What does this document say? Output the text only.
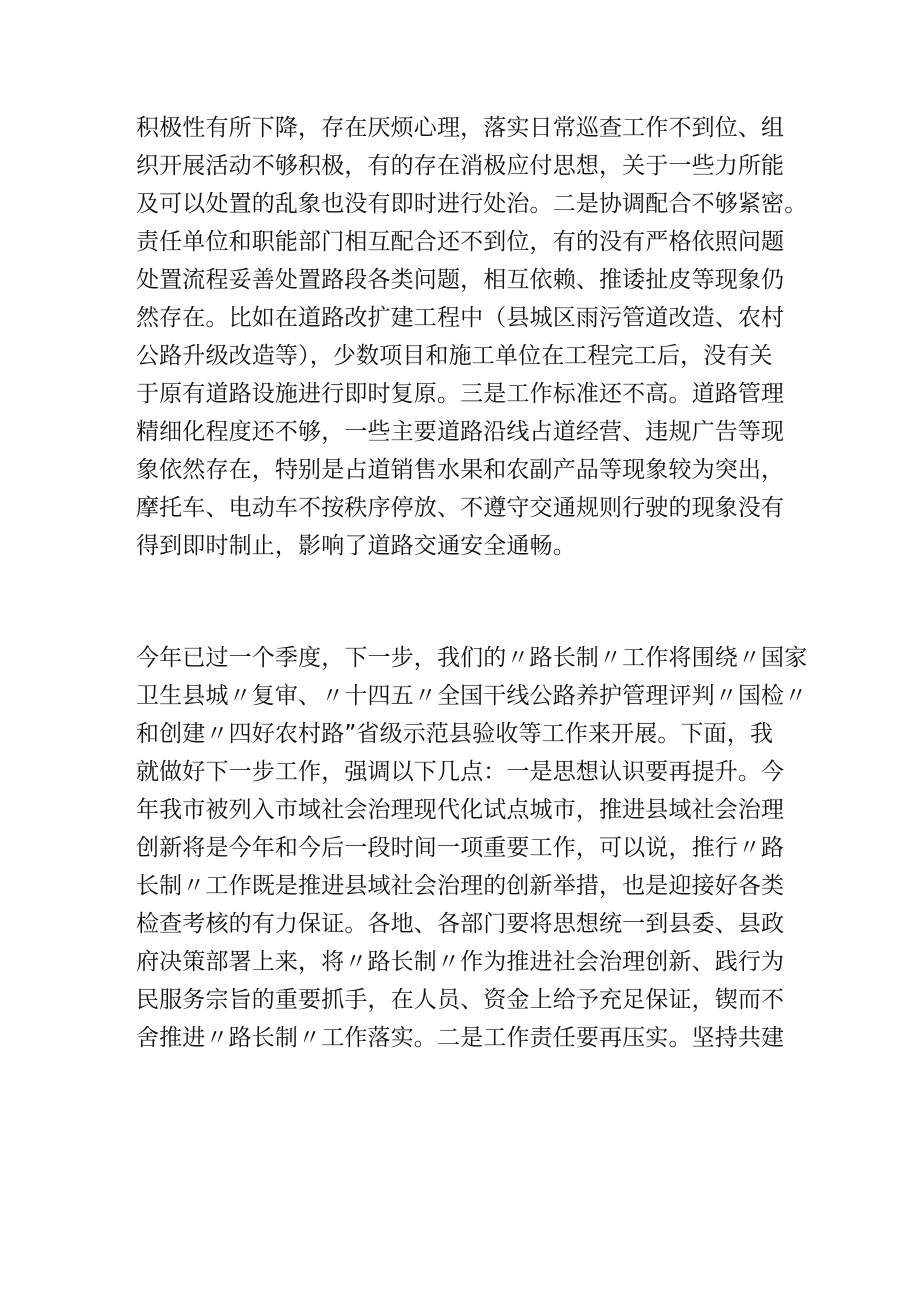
积极性有所下降，存在厌烦心理，落实日常巡查工作不到位、组
织开展活动不够积极，有的存在消极应付思想，关于一些力所能
及可以处置的乱象也没有即时进行处治。二是协调配合不够紧密。
责任单位和职能部门相互配合还不到位，有的没有严格依照问题
处置流程妥善处置路段各类问题，相互依赖、推诿扯皮等现象仍
然存在。比如在道路改扩建工程中（县城区雨污管道改造、农村
公路升级改造等），少数项目和施工单位在工程完工后，没有关
于原有道路设施进行即时复原。三是工作标准还不高。道路管理
精细化程度还不够，一些主要道路沿线占道经营、违规广告等现
象依然存在，特别是占道销售水果和农副产品等现象较为突出，
摩托车、电动车不按秩序停放、不遵守交通规则行驶的现象没有
得到即时制止，影响了道路交通安全通畅。
今年已过一个季度，下一步，我们的〃路长制〃工作将围绕〃国家
卫生县城〃复审、〃十四五〃全国干线公路养护管理评判〃国检〃
和创建〃四好农村路”省级示范县验收等工作来开展。下面，我
就做好下一步工作，强调以下几点：一是思想认识要再提升。今
年我市被列入市域社会治理现代化试点城市，推进县域社会治理
创新将是今年和今后一段时间一项重要工作，可以说，推行〃路
长制〃工作既是推进县域社会治理的创新举措，也是迎接好各类
检查考核的有力保证。各地、各部门要将思想统一到县委、县政
府决策部署上来，将〃路长制〃作为推进社会治理创新、践行为
民服务宗旨的重要抓手，在人员、资金上给予充足保证，锲而不
舍推进〃路长制〃工作落实。二是工作责任要再压实。坚持共建
